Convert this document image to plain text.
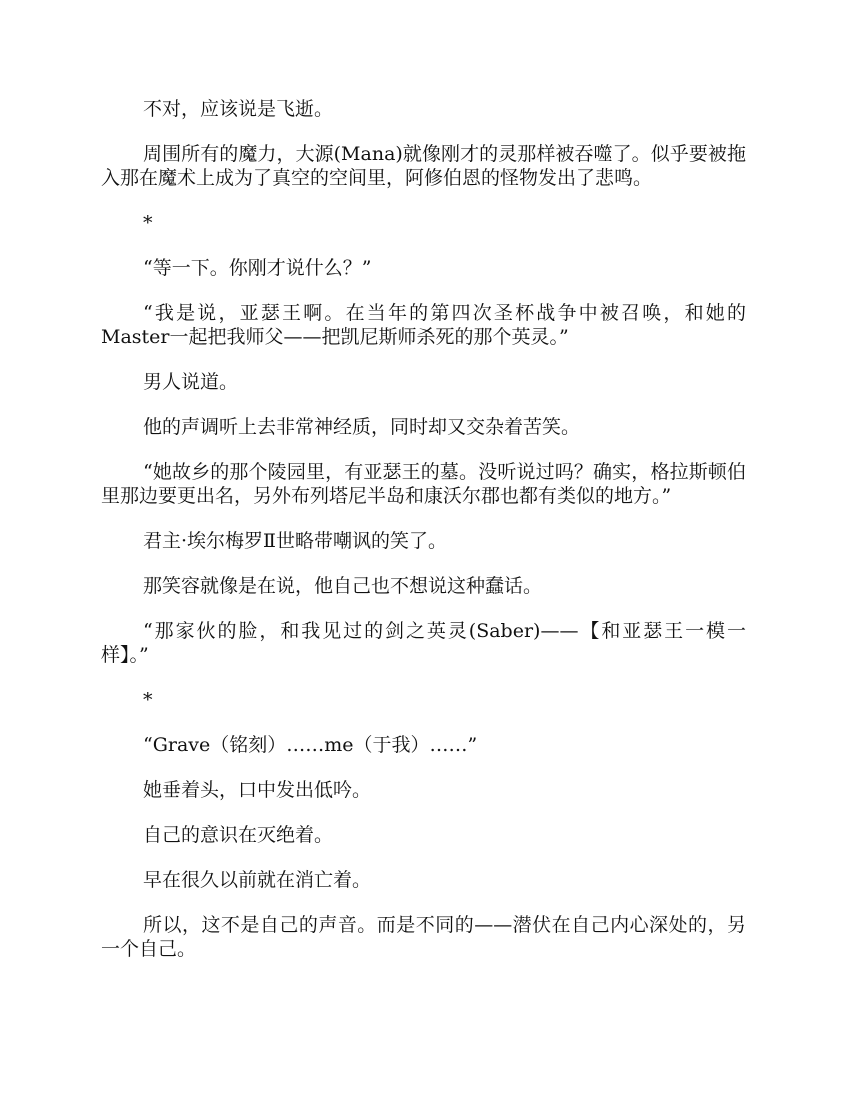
不对，应该说是飞逝。

周围所有的魔力，大源(Mana)就像刚才的灵那样被吞噬了。似乎要被拖入那在魔术上成为了真空的空间里，阿修伯恩的怪物发出了悲鸣。

*

“等一下。你刚才说什么？”

“我是说，亚瑟王啊。在当年的第四次圣杯战争中被召唤，和她的Master一起把我师父——把凯尼斯师杀死的那个英灵。”

男人说道。

他的声调听上去非常神经质，同时却又交杂着苦笑。

“她故乡的那个陵园里，有亚瑟王的墓。没听说过吗？确实，格拉斯顿伯里那边要更出名，另外布列塔尼半岛和康沃尔郡也都有类似的地方。”

君主·埃尔梅罗Ⅱ世略带嘲讽的笑了。

那笑容就像是在说，他自己也不想说这种蠢话。

“那家伙的脸，和我见过的剑之英灵(Saber)——【和亚瑟王一模一样】。”

*

“Grave（铭刻）……me（于我）……”

她垂着头，口中发出低吟。

自己的意识在灭绝着。

早在很久以前就在消亡着。

所以，这不是自己的声音。而是不同的——潜伏在自己内心深处的，另一个自己。
